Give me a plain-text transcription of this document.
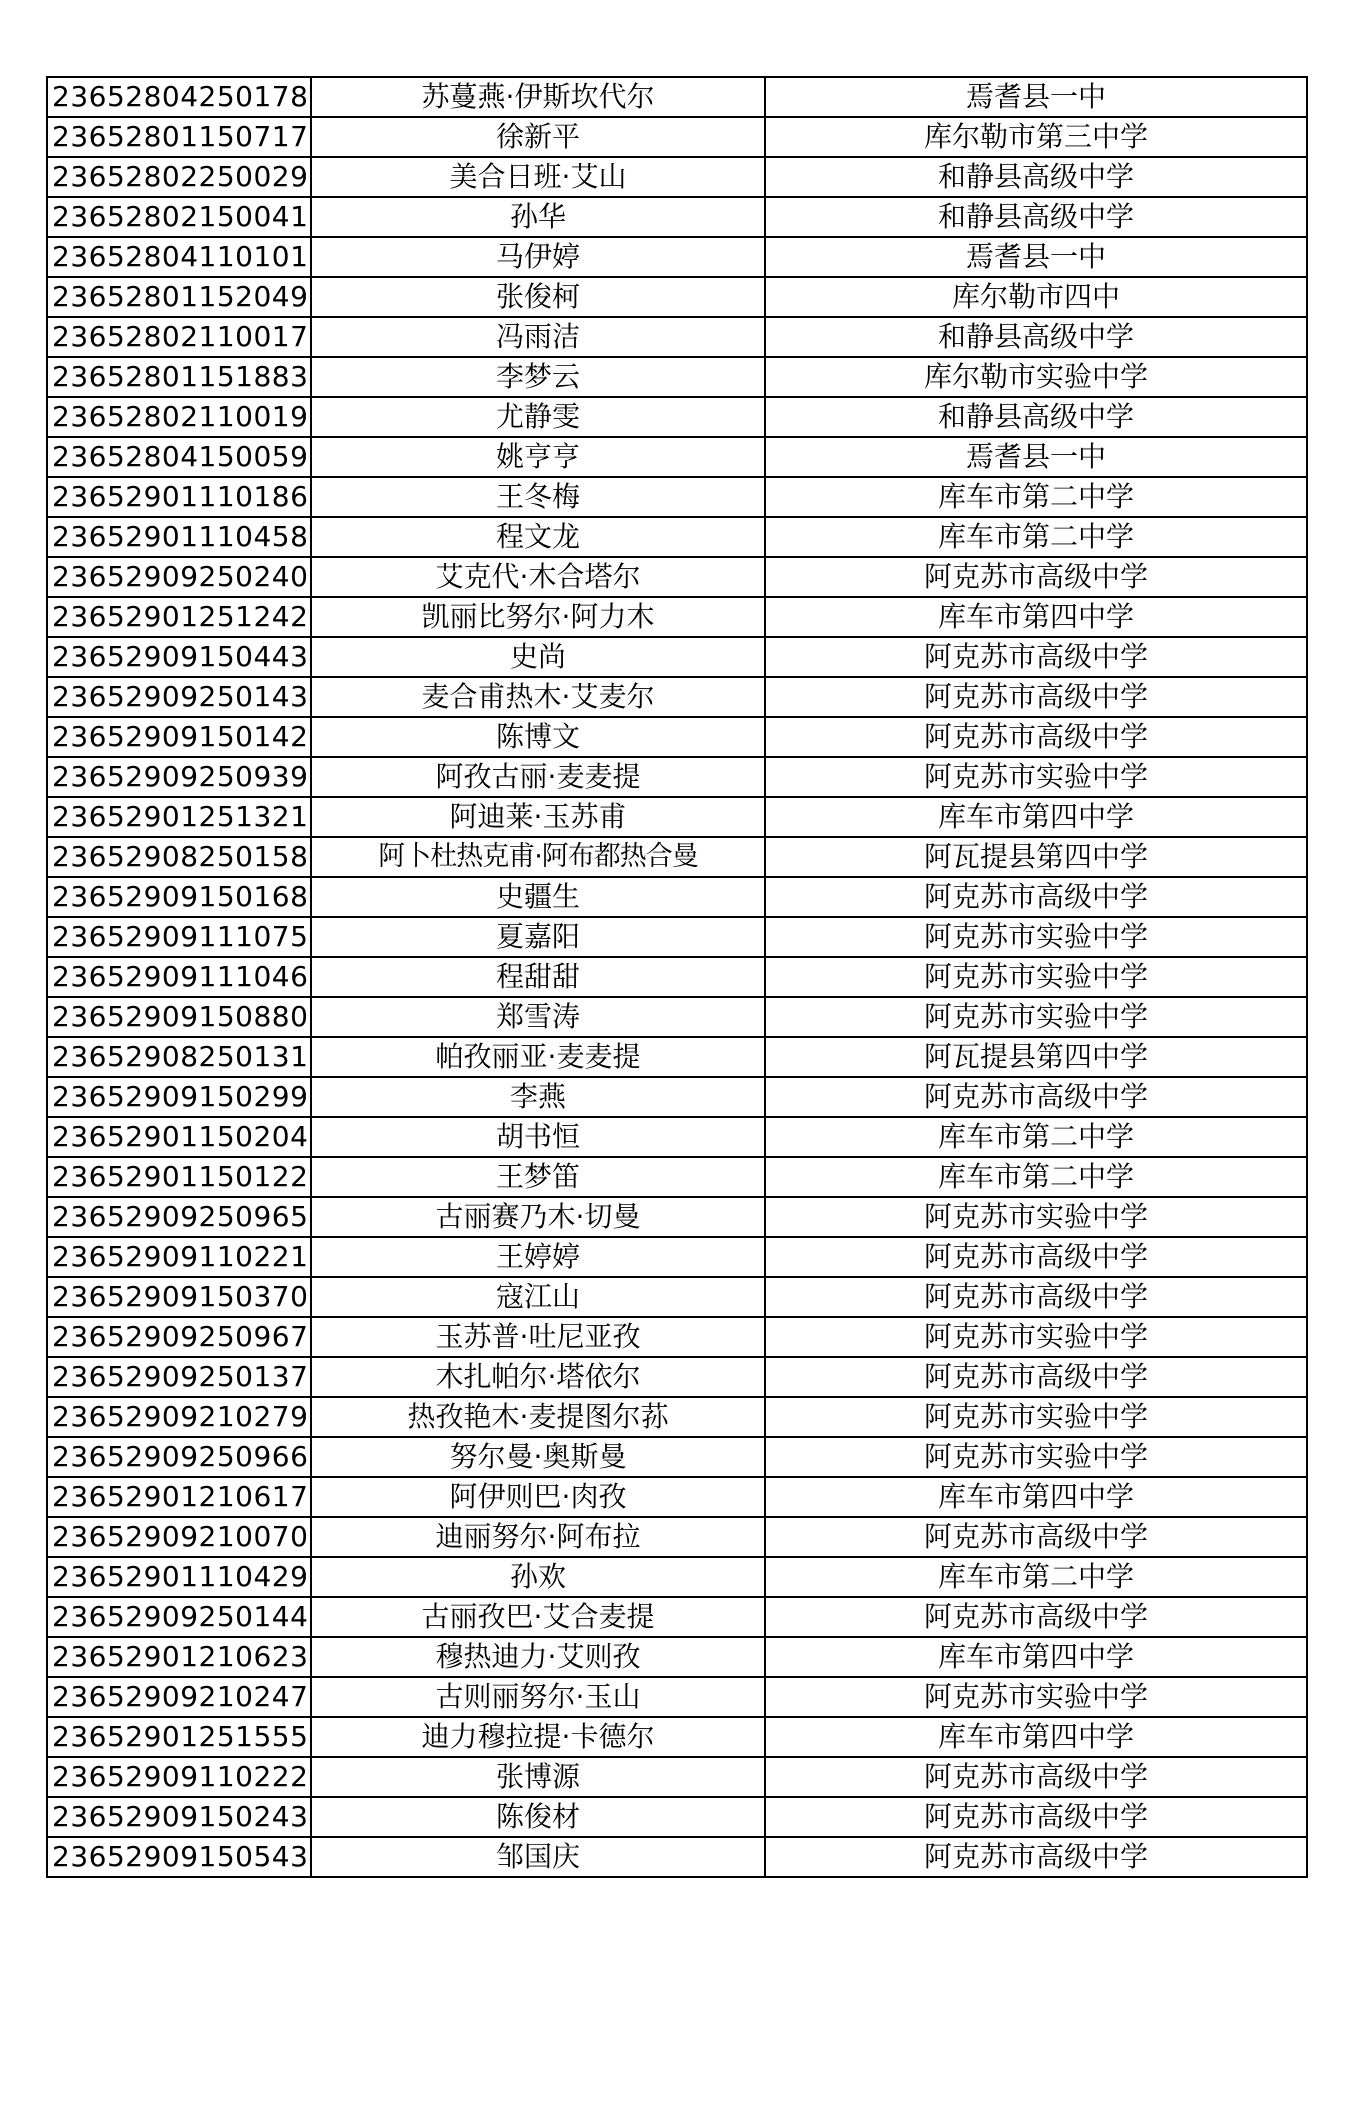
23652804250178	苏蔓燕·伊斯坎代尔	焉耆县一中
23652801150717	徐新平	库尔勒市第三中学
23652802250029	美合日班·艾山	和静县高级中学
23652802150041	孙华	和静县高级中学
23652804110101	马伊婷	焉耆县一中
23652801152049	张俊柯	库尔勒市四中
23652802110017	冯雨洁	和静县高级中学
23652801151883	李梦云	库尔勒市实验中学
23652802110019	尤静雯	和静县高级中学
23652804150059	姚亨亨	焉耆县一中
23652901110186	王冬梅	库车市第二中学
23652901110458	程文龙	库车市第二中学
23652909250240	艾克代·木合塔尔	阿克苏市高级中学
23652901251242	凯丽比努尔·阿力木	库车市第四中学
23652909150443	史尚	阿克苏市高级中学
23652909250143	麦合甫热木·艾麦尔	阿克苏市高级中学
23652909150142	陈博文	阿克苏市高级中学
23652909250939	阿孜古丽·麦麦提	阿克苏市实验中学
23652901251321	阿迪莱·玉苏甫	库车市第四中学
23652908250158	阿卜杜热克甫·阿布都热合曼	阿瓦提县第四中学
23652909150168	史疆生	阿克苏市高级中学
23652909111075	夏嘉阳	阿克苏市实验中学
23652909111046	程甜甜	阿克苏市实验中学
23652909150880	郑雪涛	阿克苏市实验中学
23652908250131	帕孜丽亚·麦麦提	阿瓦提县第四中学
23652909150299	李燕	阿克苏市高级中学
23652901150204	胡书恒	库车市第二中学
23652901150122	王梦笛	库车市第二中学
23652909250965	古丽赛乃木·切曼	阿克苏市实验中学
23652909110221	王婷婷	阿克苏市高级中学
23652909150370	寇江山	阿克苏市高级中学
23652909250967	玉苏普·吐尼亚孜	阿克苏市实验中学
23652909250137	木扎帕尔·塔依尔	阿克苏市高级中学
23652909210279	热孜艳木·麦提图尔荪	阿克苏市实验中学
23652909250966	努尔曼·奥斯曼	阿克苏市实验中学
23652901210617	阿伊则巴·肉孜	库车市第四中学
23652909210070	迪丽努尔·阿布拉	阿克苏市高级中学
23652901110429	孙欢	库车市第二中学
23652909250144	古丽孜巴·艾合麦提	阿克苏市高级中学
23652901210623	穆热迪力·艾则孜	库车市第四中学
23652909210247	古则丽努尔·玉山	阿克苏市实验中学
23652901251555	迪力穆拉提·卡德尔	库车市第四中学
23652909110222	张博源	阿克苏市高级中学
23652909150243	陈俊材	阿克苏市高级中学
23652909150543	邹国庆	阿克苏市高级中学
